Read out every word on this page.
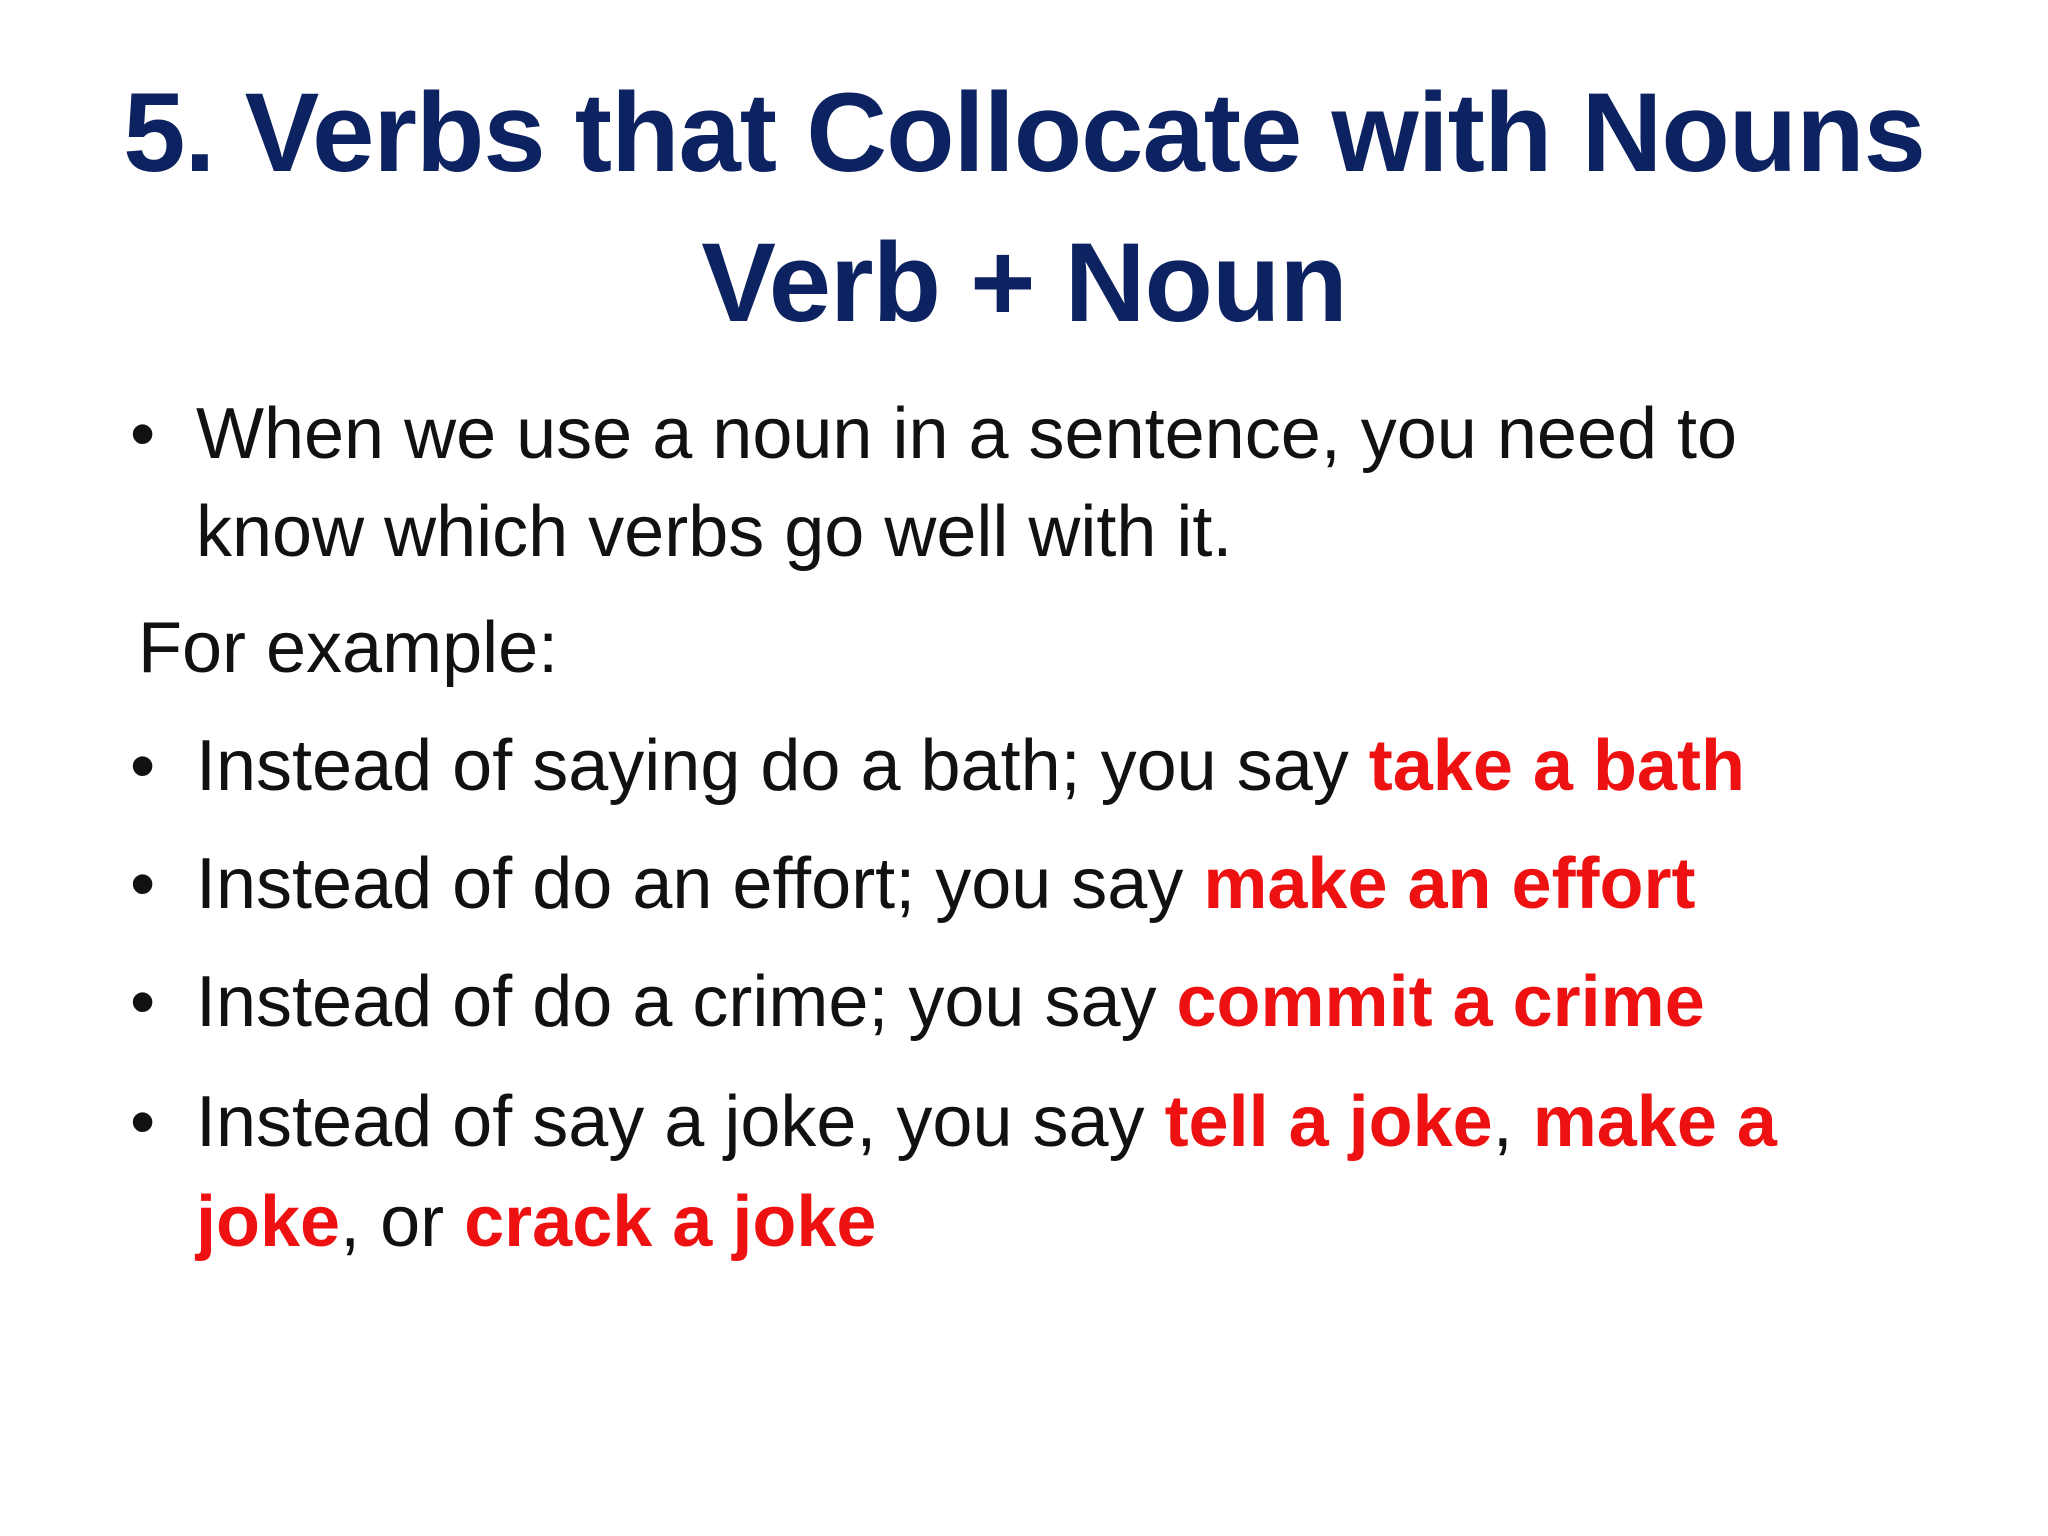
5. Verbs that Collocate with Nouns
Verb + Noun
• When we use a noun in a sentence, you need to
know which verbs go well with it.
For example:
• Instead of saying do a bath; you say take a bath
• Instead of do an effort; you say make an effort
• Instead of do a crime; you say commit a crime
• Instead of say a joke, you say tell a joke, make a
joke, or crack a joke
